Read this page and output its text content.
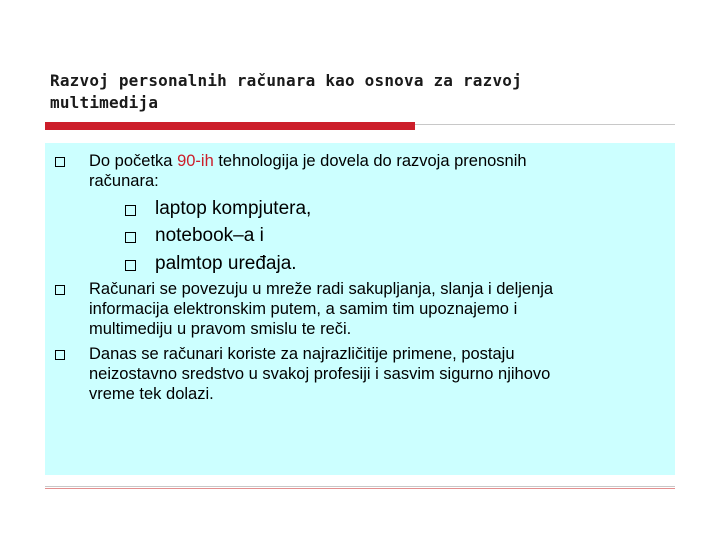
Razvoj personalnih računara kao osnova za razvoj
multimedija
Do početka 90-ih tehnologija je dovela do razvoja prenosnih
računara:
laptop kompjutera,
notebook–a i
palmtop uređaja.
Računari se povezuju u mreže radi sakupljanja, slanja i deljenja
informacija elektronskim putem, a samim tim upoznajemo i
multimediju u pravom smislu te reči.
Danas se računari koriste za najrazličitije primene, postaju
neizostavno sredstvo u svakoj profesiji i sasvim sigurno njihovo
vreme tek dolazi.
